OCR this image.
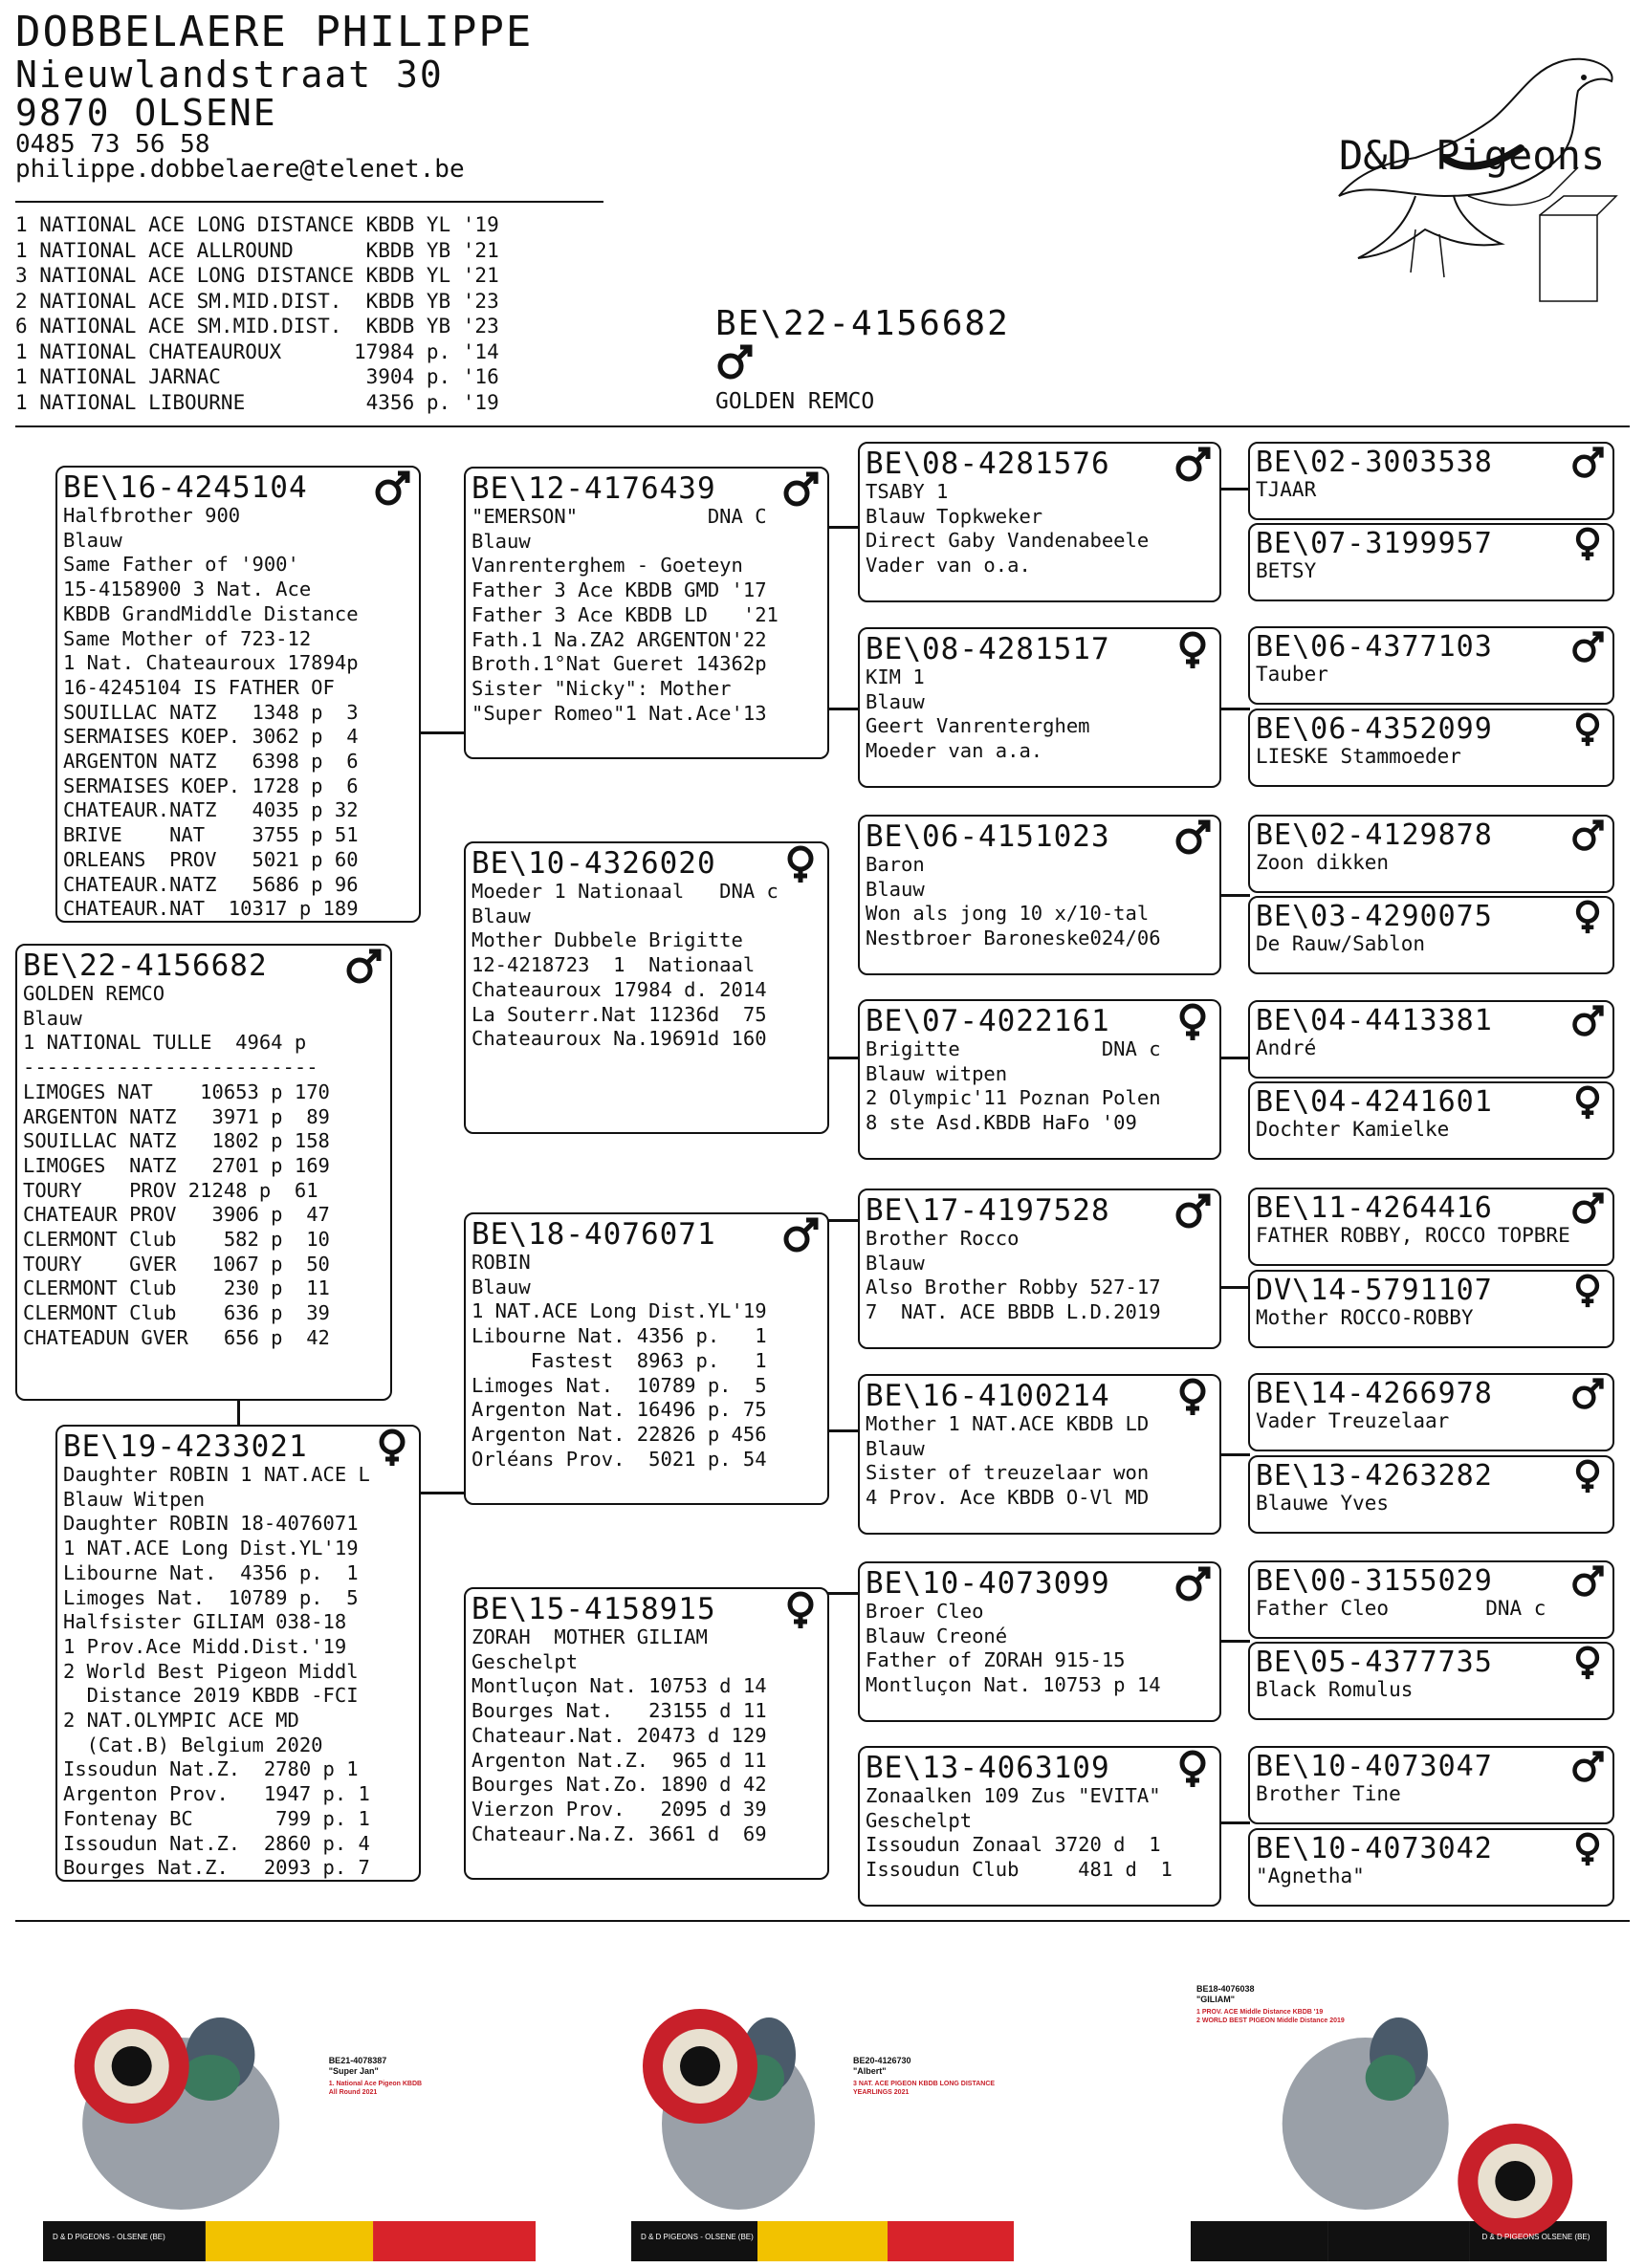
DOBBELAERE PHILIPPE
Nieuwlandstraat 30
9870 OLSENE
0485 73 56 58
philippe.dobbelaere@telenet.be
1 NATIONAL ACE LONG DISTANCE KBDB YL '19
1 NATIONAL ACE ALLROUND      KBDB YB '21
3 NATIONAL ACE LONG DISTANCE KBDB YL '21
2 NATIONAL ACE SM.MID.DIST.  KBDB YB '23
6 NATIONAL ACE SM.MID.DIST.  KBDB YB '23
1 NATIONAL CHATEAUROUX      17984 p. '14
1 NATIONAL JARNAC            3904 p. '16
1 NATIONAL LIBOURNE          4356 p. '19
D&D Pigeons
BE\22-4156682
GOLDEN REMCO
BE\16-4245104
Halfbrother 900
Blauw
Same Father of '900'
15-4158900 3 Nat. Ace
KBDB GrandMiddle Distance
Same Mother of 723-12
1 Nat. Chateauroux 17894p
16-4245104 IS FATHER OF
SOUILLAC NATZ   1348 p  3
SERMAISES KOEP. 3062 p  4
ARGENTON NATZ   6398 p  6
SERMAISES KOEP. 1728 p  6
CHATEAUR.NATZ   4035 p 32
BRIVE    NAT    3755 p 51
ORLEANS  PROV   5021 p 60
CHATEAUR.NATZ   5686 p 96
CHATEAUR.NAT  10317 p 189
BE\22-4156682
GOLDEN REMCO
Blauw
1 NATIONAL TULLE  4964 p
-------------------------
LIMOGES NAT    10653 p 170
ARGENTON NATZ   3971 p  89
SOUILLAC NATZ   1802 p 158
LIMOGES  NATZ   2701 p 169
TOURY    PROV 21248 p  61
CHATEAUR PROV   3906 p  47
CLERMONT Club    582 p  10
TOURY    GVER   1067 p  50
CLERMONT Club    230 p  11
CLERMONT Club    636 p  39
CHATEADUN GVER   656 p  42
BE\19-4233021
Daughter ROBIN 1 NAT.ACE L
Blauw Witpen
Daughter ROBIN 18-4076071
1 NAT.ACE Long Dist.YL'19
Libourne Nat.  4356 p.  1
Limoges Nat.  10789 p.  5
Halfsister GILIAM 038-18
1 Prov.Ace Midd.Dist.'19
2 World Best Pigeon Middl
Distance 2019 KBDB -FCI
2 NAT.OLYMPIC ACE MD
(Cat.B) Belgium 2020
Issoudun Nat.Z.  2780 p 1
Argenton Prov.   1947 p. 1
Fontenay BC       799 p. 1
Issoudun Nat.Z.  2860 p. 4
Bourges Nat.Z.   2093 p. 7
BE\12-4176439
"EMERSON"           DNA C
Blauw
Vanrenterghem - Goeteyn
Father 3 Ace KBDB GMD '17
Father 3 Ace KBDB LD   '21
Fath.1 Na.ZA2 ARGENTON'22
Broth.1°Nat Gueret 14362p
Sister "Nicky": Mother
"Super Romeo"1 Nat.Ace'13
BE\10-4326020
Moeder 1 Nationaal   DNA c
Blauw
Mother Dubbele Brigitte
12-4218723  1  Nationaal
Chateauroux 17984 d. 2014
La Souterr.Nat 11236d  75
Chateauroux Na.19691d 160
BE\18-4076071
ROBIN
Blauw
1 NAT.ACE Long Dist.YL'19
Libourne Nat. 4356 p.   1
Fastest  8963 p.   1
Limoges Nat.  10789 p.  5
Argenton Nat. 16496 p. 75
Argenton Nat. 22826 p 456
Orléans Prov.  5021 p. 54
BE\15-4158915
ZORAH  MOTHER GILIAM
Geschelpt
Montluçon Nat. 10753 d 14
Bourges Nat.   23155 d 11
Chateaur.Nat. 20473 d 129
Argenton Nat.Z.  965 d 11
Bourges Nat.Zo. 1890 d 42
Vierzon Prov.   2095 d 39
Chateaur.Na.Z. 3661 d  69
BE\08-4281576
TSABY 1
Blauw Topkweker
Direct Gaby Vandenabeele
Vader van o.a.
BE\08-4281517
KIM 1
Blauw
Geert Vanrenterghem
Moeder van a.a.
BE\06-4151023
Baron
Blauw
Won als jong 10 x/10-tal
Nestbroer Baroneske024/06
BE\07-4022161
Brigitte            DNA c
Blauw witpen
2 Olympic'11 Poznan Polen
8 ste Asd.KBDB HaFo '09
BE\17-4197528
Brother Rocco
Blauw
Also Brother Robby 527-17
7  NAT. ACE BBDB L.D.2019
BE\16-4100214
Mother 1 NAT.ACE KBDB LD
Blauw
Sister of treuzelaar won
4 Prov. Ace KBDB O-Vl MD
BE\10-4073099
Broer Cleo
Blauw Creoné
Father of ZORAH 915-15
Montluçon Nat. 10753 p 14
BE\13-4063109
Zonaalken 109 Zus "EVITA"
Geschelpt
Issoudun Zonaal 3720 d  1
Issoudun Club     481 d  1
BE\02-3003538
TJAAR
BE\07-3199957
BETSY
BE\06-4377103
Tauber
BE\06-4352099
LIESKE Stammoeder
BE\02-4129878
Zoon dikken
BE\03-4290075
De Rauw/Sablon
BE\04-4413381
André
BE\04-4241601
Dochter Kamielke
BE\11-4264416
FATHER ROBBY, ROCCO TOPBRE
DV\14-5791107
Mother ROCCO-ROBBY
BE\14-4266978
Vader Treuzelaar
BE\13-4263282
Blauwe Yves
BE\00-3155029
Father Cleo        DNA c
BE\05-4377735
Black Romulus
BE\10-4073047
Brother Tine
BE\10-4073042
"Agnetha"
BE21-4078387
"Super Jan"
1. National Ace Pigeon KBDB
All Round 2021
D & D PIGEONS - OLSENE (BE)
BE20-4126730
"Albert"
3 NAT. ACE PIGEON KBDB LONG DISTANCE
YEARLINGS 2021
D & D PIGEONS - OLSENE (BE)
BE18-4076038
"GILIAM"
1 PROV. ACE Middle Distance KBDB '19
2 WORLD BEST PIGEON Middle Distance 2019
D & D PIGEONS OLSENE (BE)
